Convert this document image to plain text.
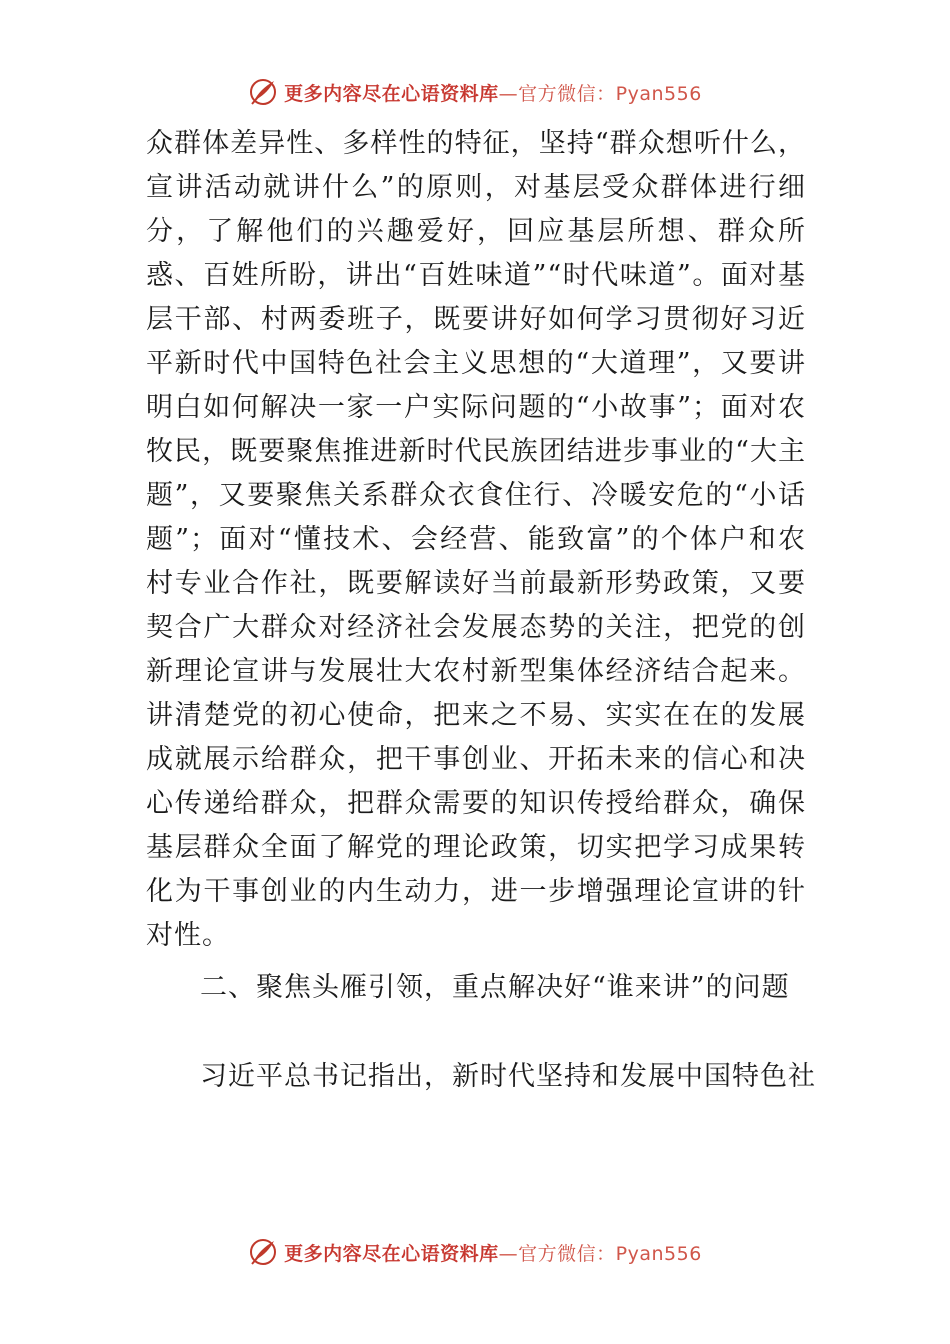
更多内容尽在心语资料库—官方微信：Pyan556

众群体差异性、多样性的特征，坚持“群众想听什么，宣讲活动就讲什么”的原则，对基层受众群体进行细分，了解他们的兴趣爱好，回应基层所想、群众所惑、百姓所盼，讲出“百姓味道”“时代味道”。面对基层干部、村两委班子，既要讲好如何学习贯彻好习近平新时代中国特色社会主义思想的“大道理”，又要讲明白如何解决一家一户实际问题的“小故事”；面对农牧民，既要聚焦推进新时代民族团结进步事业的“大主题”，又要聚焦关系群众衣食住行、冷暖安危的“小话题”；面对“懂技术、会经营、能致富”的个体户和农村专业合作社，既要解读好当前最新形势政策，又要契合广大群众对经济社会发展态势的关注，把党的创新理论宣讲与发展壮大农村新型集体经济结合起来。讲清楚党的初心使命，把来之不易、实实在在的发展成就展示给群众，把干事创业、开拓未来的信心和决心传递给群众，把群众需要的知识传授给群众，确保基层群众全面了解党的理论政策，切实把学习成果转化为干事创业的内生动力，进一步增强理论宣讲的针对性。

二、聚焦头雁引领，重点解决好“谁来讲”的问题

习近平总书记指出，新时代坚持和发展中国特色社

更多内容尽在心语资料库—官方微信：Pyan556
